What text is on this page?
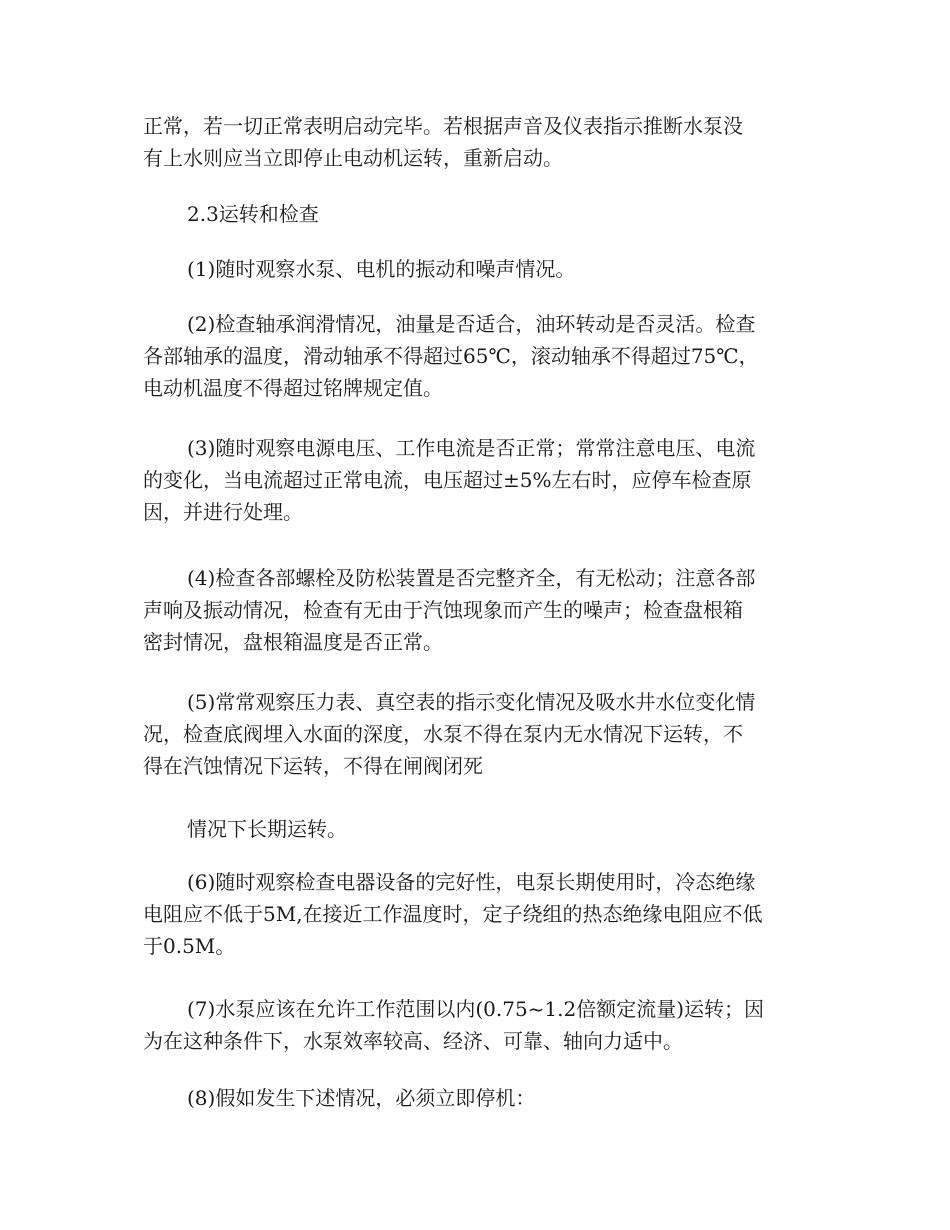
正常，若一切正常表明启动完毕。若根据声音及仪表指示推断水泵没
有上水则应当立即停止电动机运转，重新启动。
2.3运转和检查
(1)随时观察水泵、电机的振动和噪声情况。
(2)检查轴承润滑情况，油量是否适合，油环转动是否灵活。检查
各部轴承的温度，滑动轴承不得超过65℃，滚动轴承不得超过75℃，
电动机温度不得超过铭牌规定值。
(3)随时观察电源电压、工作电流是否正常；常常注意电压、电流
的变化，当电流超过正常电流，电压超过±5%左右时，应停车检查原
因，并进行处理。
(4)检查各部螺栓及防松装置是否完整齐全，有无松动；注意各部
声响及振动情况，检查有无由于汽蚀现象而产生的噪声；检查盘根箱
密封情况，盘根箱温度是否正常。
(5)常常观察压力表、真空表的指示变化情况及吸水井水位变化情
况，检查底阀埋入水面的深度，水泵不得在泵内无水情况下运转，不
得在汽蚀情况下运转，不得在闸阀闭死
情况下长期运转。
(6)随时观察检查电器设备的完好性，电泵长期使用时，冷态绝缘
电阻应不低于5M,在接近工作温度时，定子绕组的热态绝缘电阻应不低
于0.5M。
(7)水泵应该在允许工作范围以内(0.75~1.2倍额定流量)运转；因
为在这种条件下，水泵效率较高、经济、可靠、轴向力适中。
(8)假如发生下述情况，必须立即停机：
